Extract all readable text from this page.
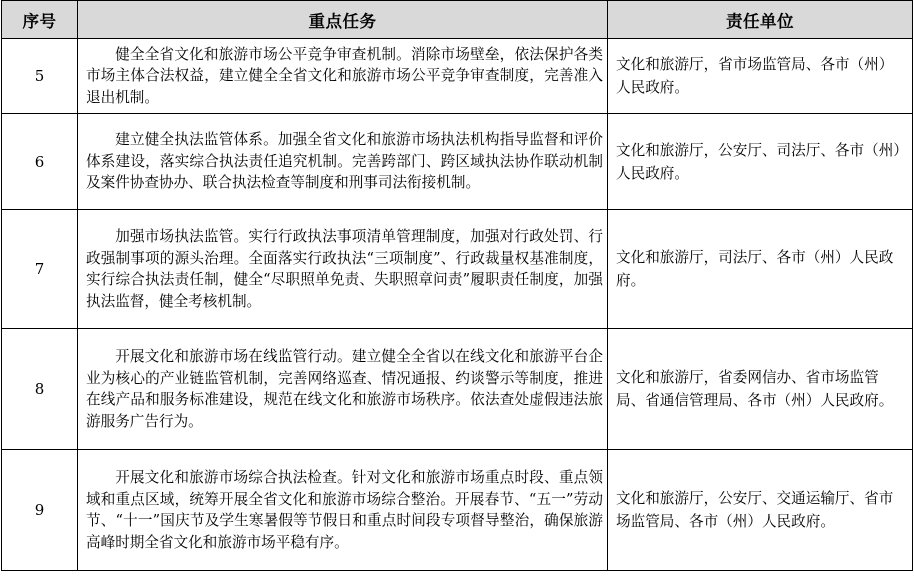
序号	重点任务	责任单位
5	健全全省文化和旅游市场公平竞争审查机制。消除市场壁垒，依法保护各类市场主体合法权益，建立健全全省文化和旅游市场公平竞争审查制度，完善准入退出机制。	文化和旅游厅，省市场监管局、各市（州）人民政府。
6	建立健全执法监管体系。加强全省文化和旅游市场执法机构指导监督和评价体系建设，落实综合执法责任追究机制。完善跨部门、跨区域执法协作联动机制及案件协查协办、联合执法检查等制度和刑事司法衔接机制。	文化和旅游厅，公安厅、司法厅、各市（州）人民政府。
7	加强市场执法监管。实行行政执法事项清单管理制度，加强对行政处罚、行政强制事项的源头治理。全面落实行政执法“三项制度”、行政裁量权基准制度，实行综合执法责任制，健全“尽职照单免责、失职照章问责”履职责任制度，加强执法监督，健全考核机制。	文化和旅游厅，司法厅、各市（州）人民政府。
8	开展文化和旅游市场在线监管行动。建立健全全省以在线文化和旅游平台企业为核心的产业链监管机制，完善网络巡查、情况通报、约谈警示等制度，推进在线产品和服务标准建设，规范在线文化和旅游市场秩序。依法查处虚假违法旅游服务广告行为。	文化和旅游厅，省委网信办、省市场监管局、省通信管理局、各市（州）人民政府。
9	开展文化和旅游市场综合执法检查。针对文化和旅游市场重点时段、重点领域和重点区域，统筹开展全省文化和旅游市场综合整治。开展春节、“五一”劳动节、“十一”国庆节及学生寒暑假等节假日和重点时间段专项督导整治，确保旅游高峰时期全省文化和旅游市场平稳有序。	文化和旅游厅，公安厅、交通运输厅、省市场监管局、各市（州）人民政府。
